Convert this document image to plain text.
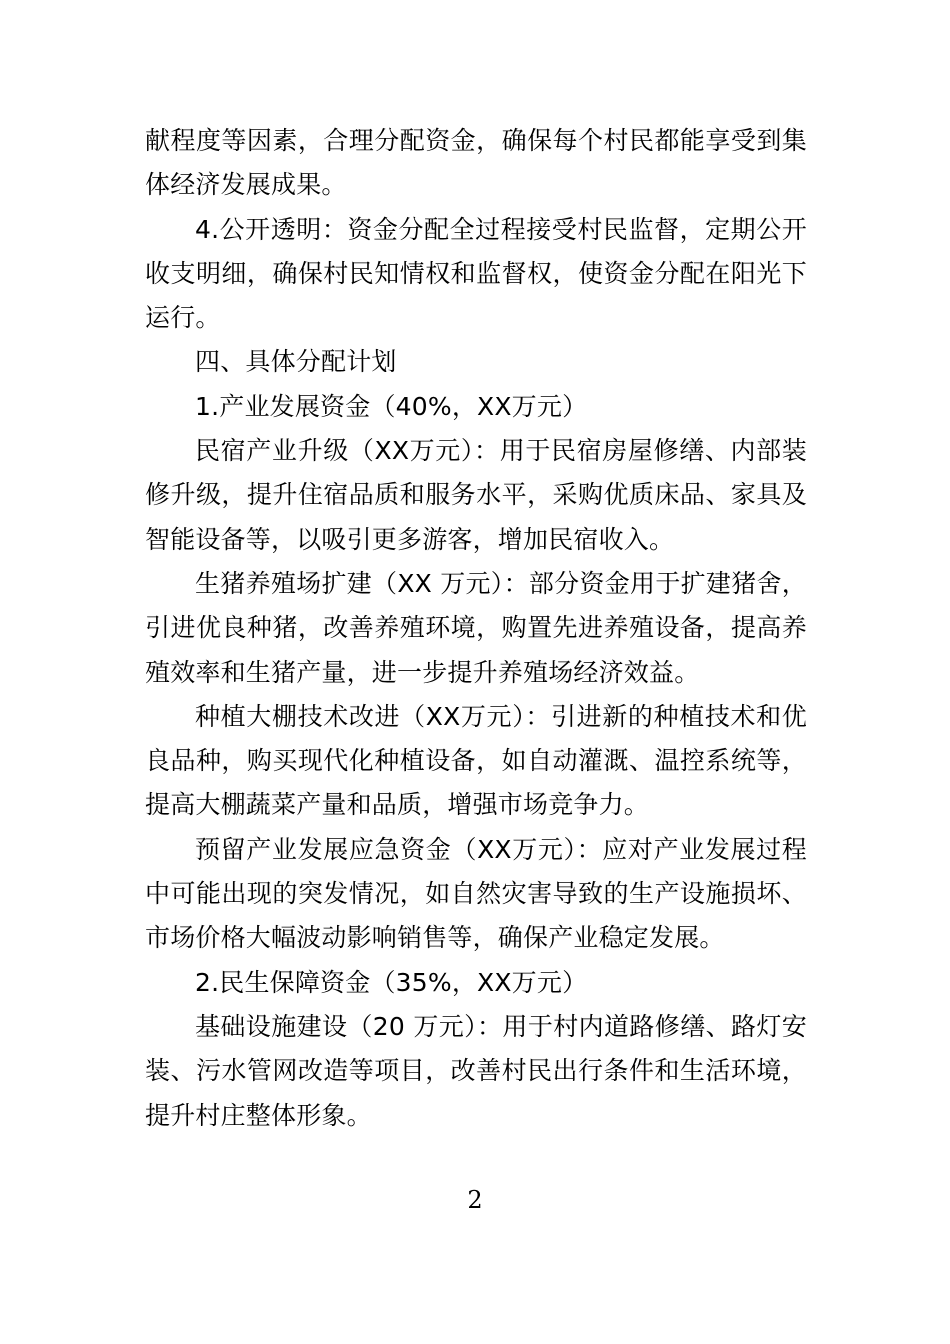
献程度等因素，合理分配资金，确保每个村民都能享受到集体经济发展成果。

4.公开透明：资金分配全过程接受村民监督，定期公开收支明细，确保村民知情权和监督权，使资金分配在阳光下运行。

四、具体分配计划

1.产业发展资金（40%，XX万元）

民宿产业升级（XX万元）：用于民宿房屋修缮、内部装修升级，提升住宿品质和服务水平，采购优质床品、家具及智能设备等，以吸引更多游客，增加民宿收入。

生猪养殖场扩建（XX 万元）：部分资金用于扩建猪舍，引进优良种猪，改善养殖环境，购置先进养殖设备，提高养殖效率和生猪产量，进一步提升养殖场经济效益。

种植大棚技术改进（XX万元）：引进新的种植技术和优良品种，购买现代化种植设备，如自动灌溉、温控系统等，提高大棚蔬菜产量和品质，增强市场竞争力。

预留产业发展应急资金（XX万元）：应对产业发展过程中可能出现的突发情况，如自然灾害导致的生产设施损坏、市场价格大幅波动影响销售等，确保产业稳定发展。

2.民生保障资金（35%，XX万元）

基础设施建设（20 万元）：用于村内道路修缮、路灯安装、污水管网改造等项目，改善村民出行条件和生活环境，提升村庄整体形象。

2
